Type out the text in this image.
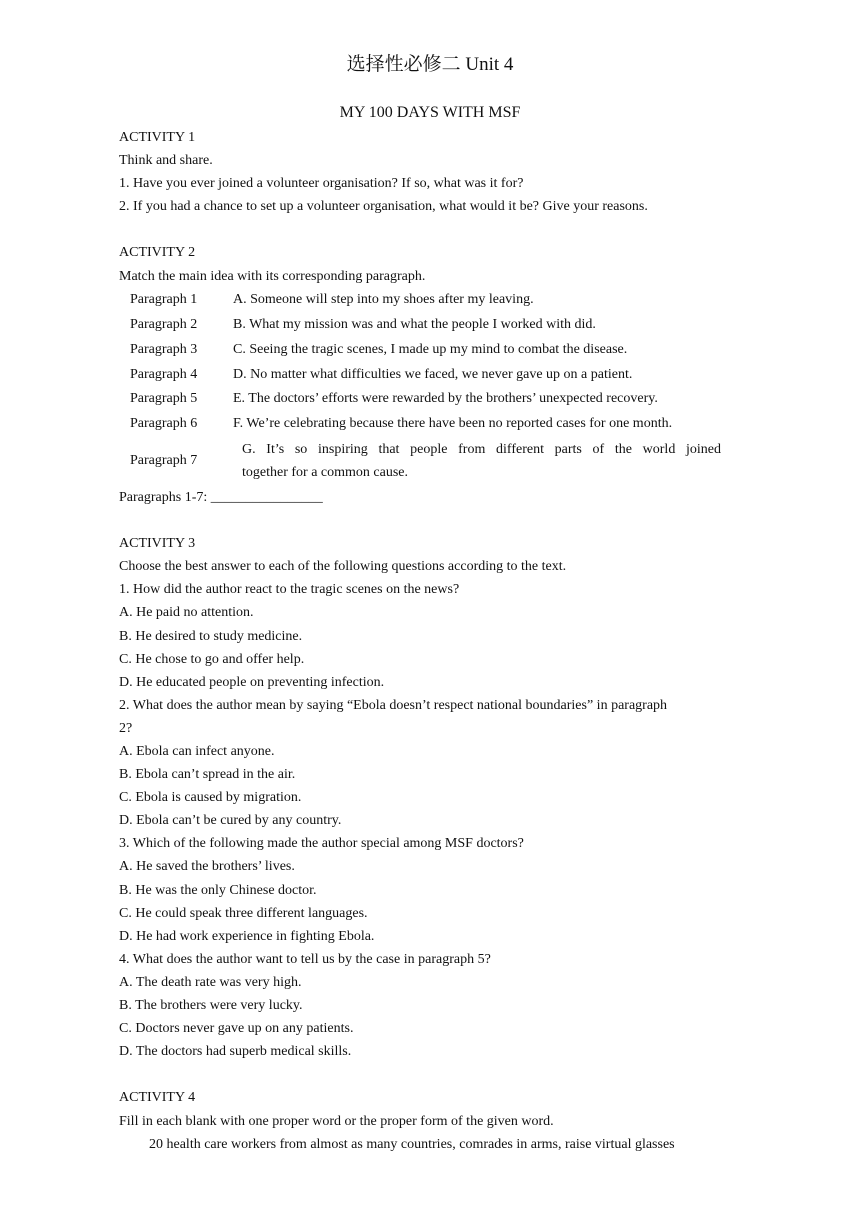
选择性必修二 Unit 4
MY 100 DAYS WITH MSF
ACTIVITY 1
Think and share.
1. Have you ever joined a volunteer organisation? If so, what was it for?
2. If you had a chance to set up a volunteer organisation, what would it be? Give your reasons.
ACTIVITY 2
Match the main idea with its corresponding paragraph.
Paragraph 1	A. Someone will step into my shoes after my leaving.
Paragraph 2	B. What my mission was and what the people I worked with did.
Paragraph 3	C. Seeing the tragic scenes, I made up my mind to combat the disease.
Paragraph 4	D. No matter what difficulties we faced, we never gave up on a patient.
Paragraph 5	E. The doctors’ efforts were rewarded by the brothers’ unexpected recovery.
Paragraph 6	F. We’re celebrating because there have been no reported cases for one month.
Paragraph 7	G. It’s so inspiring that people from different parts of the world joined
together for a common cause.
Paragraphs 1-7: ________________
ACTIVITY 3
Choose the best answer to each of the following questions according to the text.
1. How did the author react to the tragic scenes on the news?
A. He paid no attention.
B. He desired to study medicine.
C. He chose to go and offer help.
D. He educated people on preventing infection.
2. What does the author mean by saying “Ebola doesn’t respect national boundaries” in paragraph
2?
A. Ebola can infect anyone.
B. Ebola can’t spread in the air.
C. Ebola is caused by migration.
D. Ebola can’t be cured by any country.
3. Which of the following made the author special among MSF doctors?
A. He saved the brothers’ lives.
B. He was the only Chinese doctor.
C. He could speak three different languages.
D. He had work experience in fighting Ebola.
4. What does the author want to tell us by the case in paragraph 5?
A. The death rate was very high.
B. The brothers were very lucky.
C. Doctors never gave up on any patients.
D. The doctors had superb medical skills.
ACTIVITY 4
Fill in each blank with one proper word or the proper form of the given word.
20 health care workers from almost as many countries, comrades in arms, raise virtual glasses
